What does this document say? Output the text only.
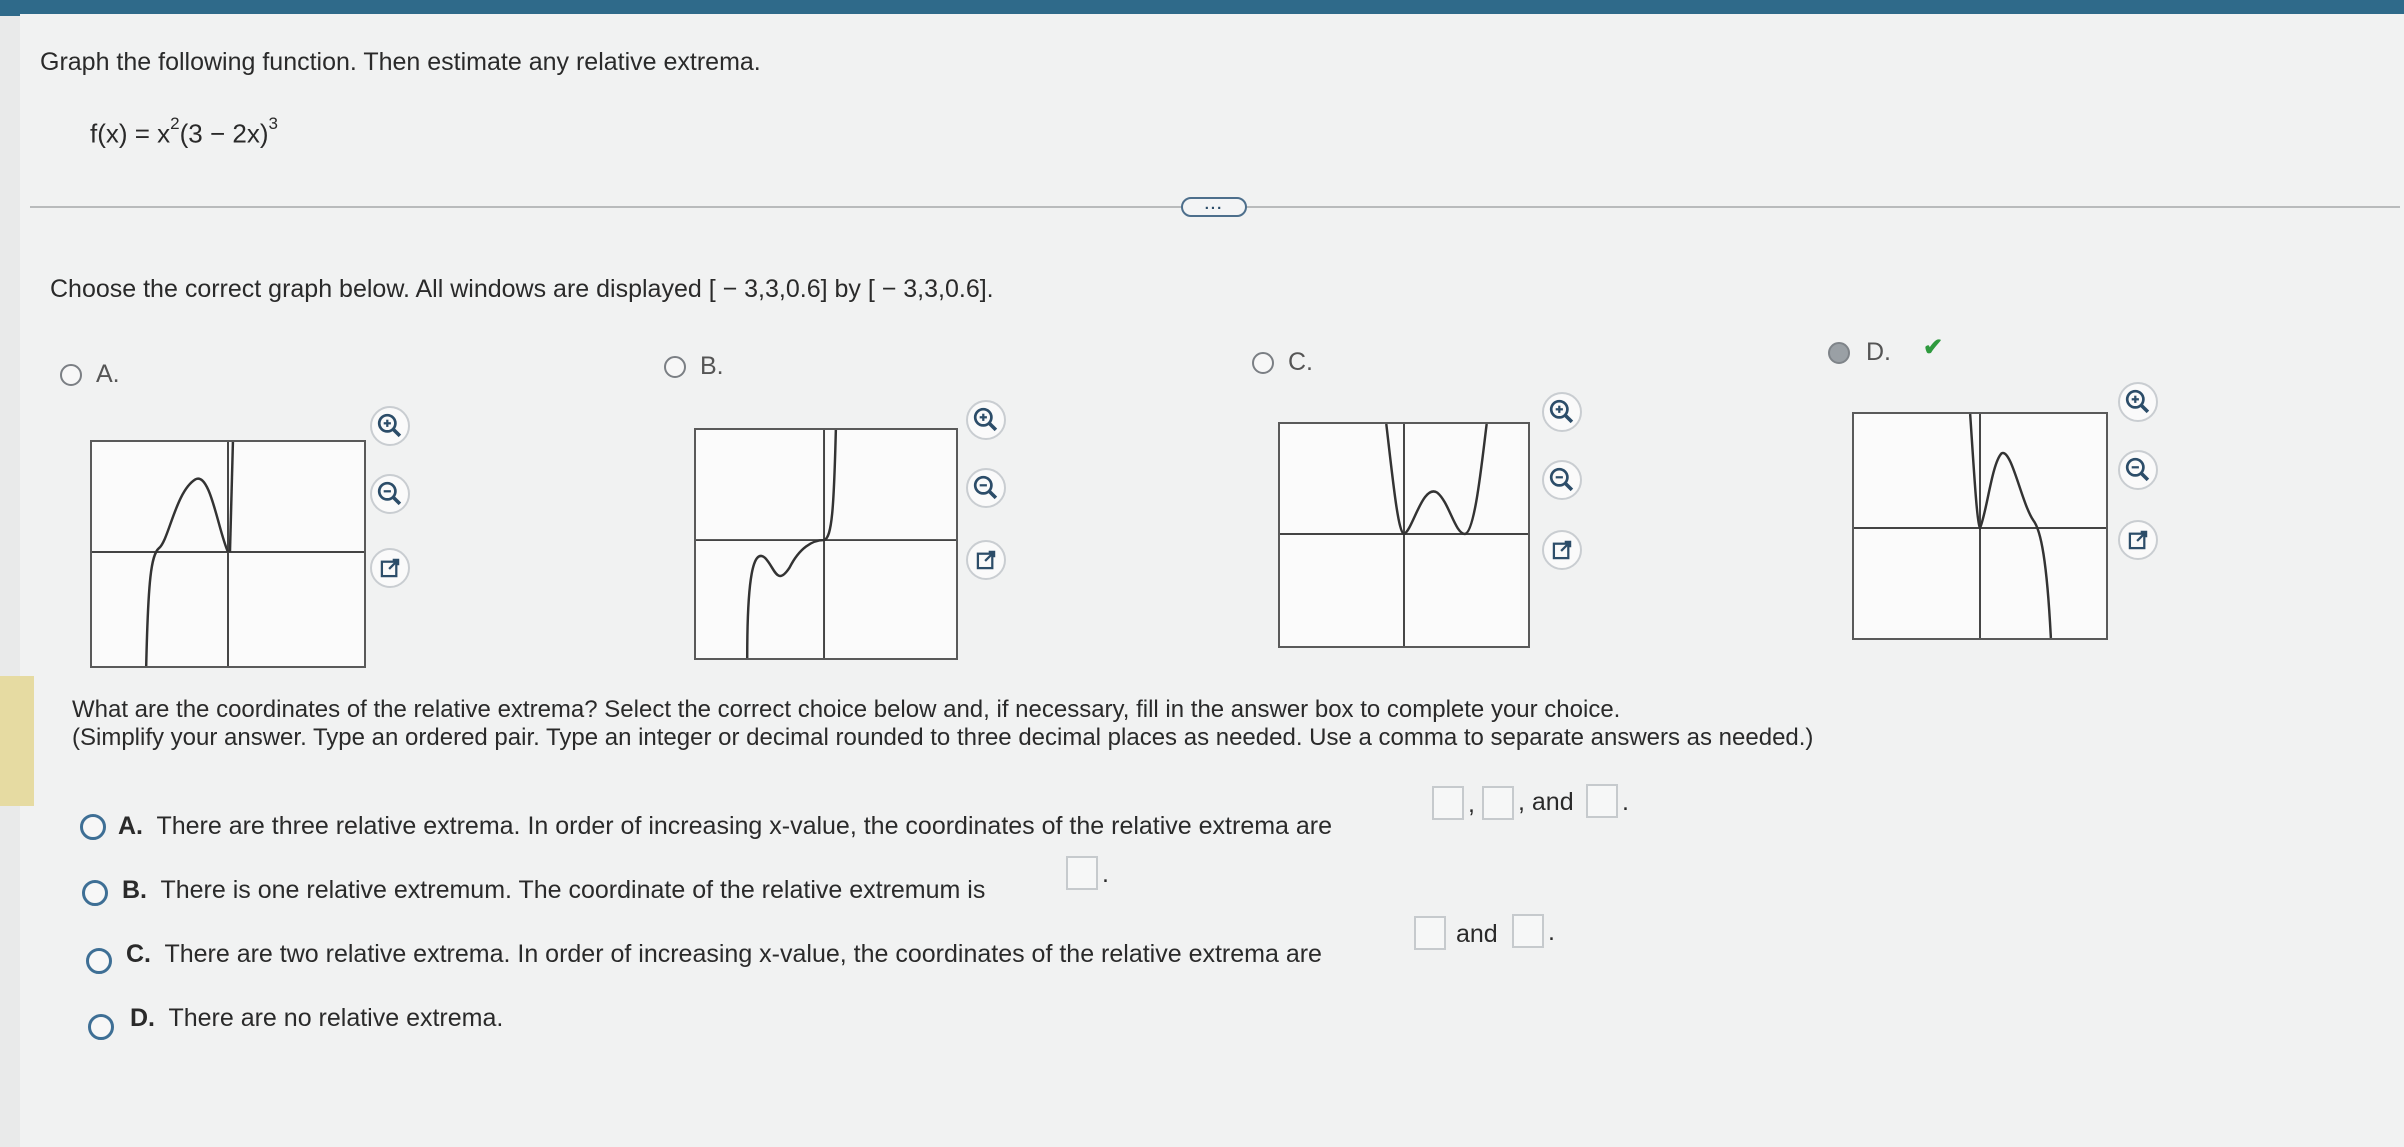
Graph the following function. Then estimate any relative extrema.
$f(x) = x^2(3 - 2x)^3$
...
Choose the correct graph below. All windows are displayed [ − 3,3,0.6] by [ − 3,3,0.6].
A.	B.	C.
✔
D.
What are the coordinates of the relative extrema? Select the correct choice below and, if necessary, fill in the answer box to complete your choice.
(Simplify your answer. Type an ordered pair. Type an integer or decimal rounded to three decimal places as needed. Use a comma to separate answers as needed.)
A. There are three relative extrema. In order of increasing x-value, the coordinates of the relative extrema are
, , and .
B. There is one relative extremum. The coordinate of the relative extremum is
.
C. There are two relative extrema. In order of increasing x-value, the coordinates of the relative extrema are
and .
D. There are no relative extrema.
